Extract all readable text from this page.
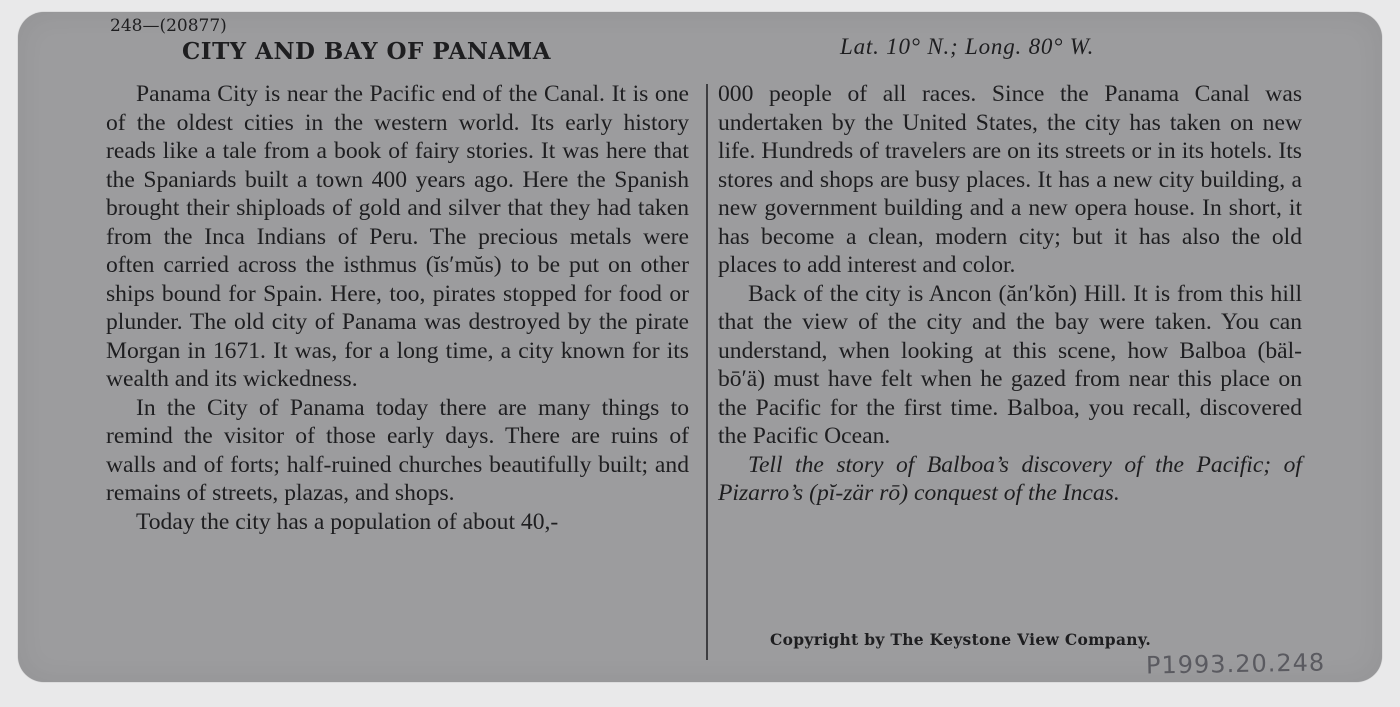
248—(20877)
CITY AND BAY OF PANAMA	Lat. 10° N.; Long. 80° W.

Panama City is near the Pacific end of the Canal. It is one of the oldest cities in the western world. Its early history reads like a tale from a book of fairy stories. It was here that the Spaniards built a town 400 years ago. Here the Spanish brought their shiploads of gold and silver that they had taken from the Inca Indians of Peru. The precious metals were often carried across the isthmus (ĭs′mŭs) to be put on other ships bound for Spain. Here, too, pirates stopped for food or plunder. The old city of Panama was destroyed by the pirate Morgan in 1671. It was, for a long time, a city known for its wealth and its wickedness.

In the City of Panama today there are many things to remind the visitor of those early days. There are ruins of walls and of forts; half-ruined churches beautifully built; and remains of streets, plazas, and shops.

Today the city has a population of about 40,-

000 people of all races. Since the Panama Canal was undertaken by the United States, the city has taken on new life. Hundreds of travelers are on its streets or in its hotels. Its stores and shops are busy places. It has a new city building, a new government building and a new opera house. In short, it has become a clean, modern city; but it has also the old places to add interest and color.

Back of the city is Ancon (ăn′kŏn) Hill. It is from this hill that the view of the city and the bay were taken. You can understand, when looking at this scene, how Balboa (bäl-bō′ä) must have felt when he gazed from near this place on the Pacific for the first time. Balboa, you recall, discovered the Pacific Ocean.

Tell the story of Balboa’s discovery of the Pacific; of Pizarro’s (pĭ-zär rō) conquest of the Incas.

Copyright by The Keystone View Company.
P1993.20.248
